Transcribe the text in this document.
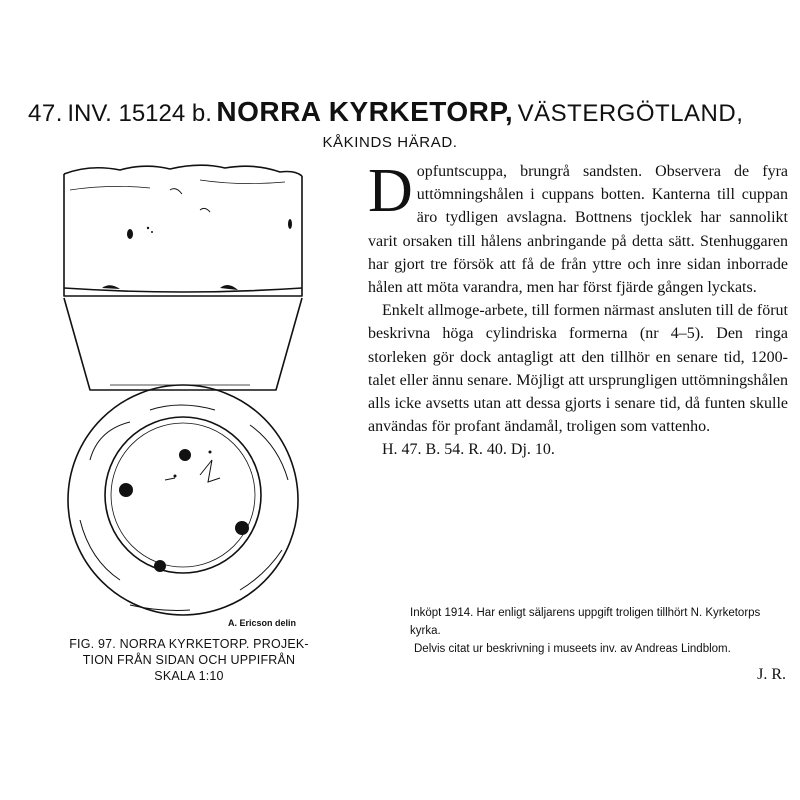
47. INV. 15124 b. NORRA KYRKETORP, VÄSTERGÖTLAND,
KÅKINDS HÄRAD.
A. Ericson delin
FIG. 97. NORRA KYRKETORP. PROJEK-
TION FRÅN SIDAN OCH UPPIFRÅN
SKALA 1:10

Dopfuntscuppa, brungrå sandsten. Observera de fyra uttömningshålen i cuppans botten. Kanterna till cuppan äro tydligen avslagna. Bottnens tjocklek har sannolikt varit orsaken till hålens anbringande på detta sätt. Stenhuggaren har gjort tre försök att få de från yttre och inre sidan inborrade hålen att möta varandra, men har först fjärde gången lyckats.

Enkelt allmoge-arbete, till formen närmast ansluten till de förut beskrivna höga cylindriska formerna (nr 4–5). Den ringa storleken gör dock antagligt att den tillhör en senare tid, 1200-talet eller ännu senare. Möjligt att ursprungligen uttömningshålen alls icke avsetts utan att dessa gjorts i senare tid, då funten skulle användas för profant ändamål, troligen som vattenho.

H. 47. B. 54. R. 40. Dj. 10.

Inköpt 1914. Har enligt säljarens uppgift troligen tillhört N. Kyrketorps kyrka.

Delvis citat ur beskrivning i museets inv. av Andreas Lindblom.

J. R.
